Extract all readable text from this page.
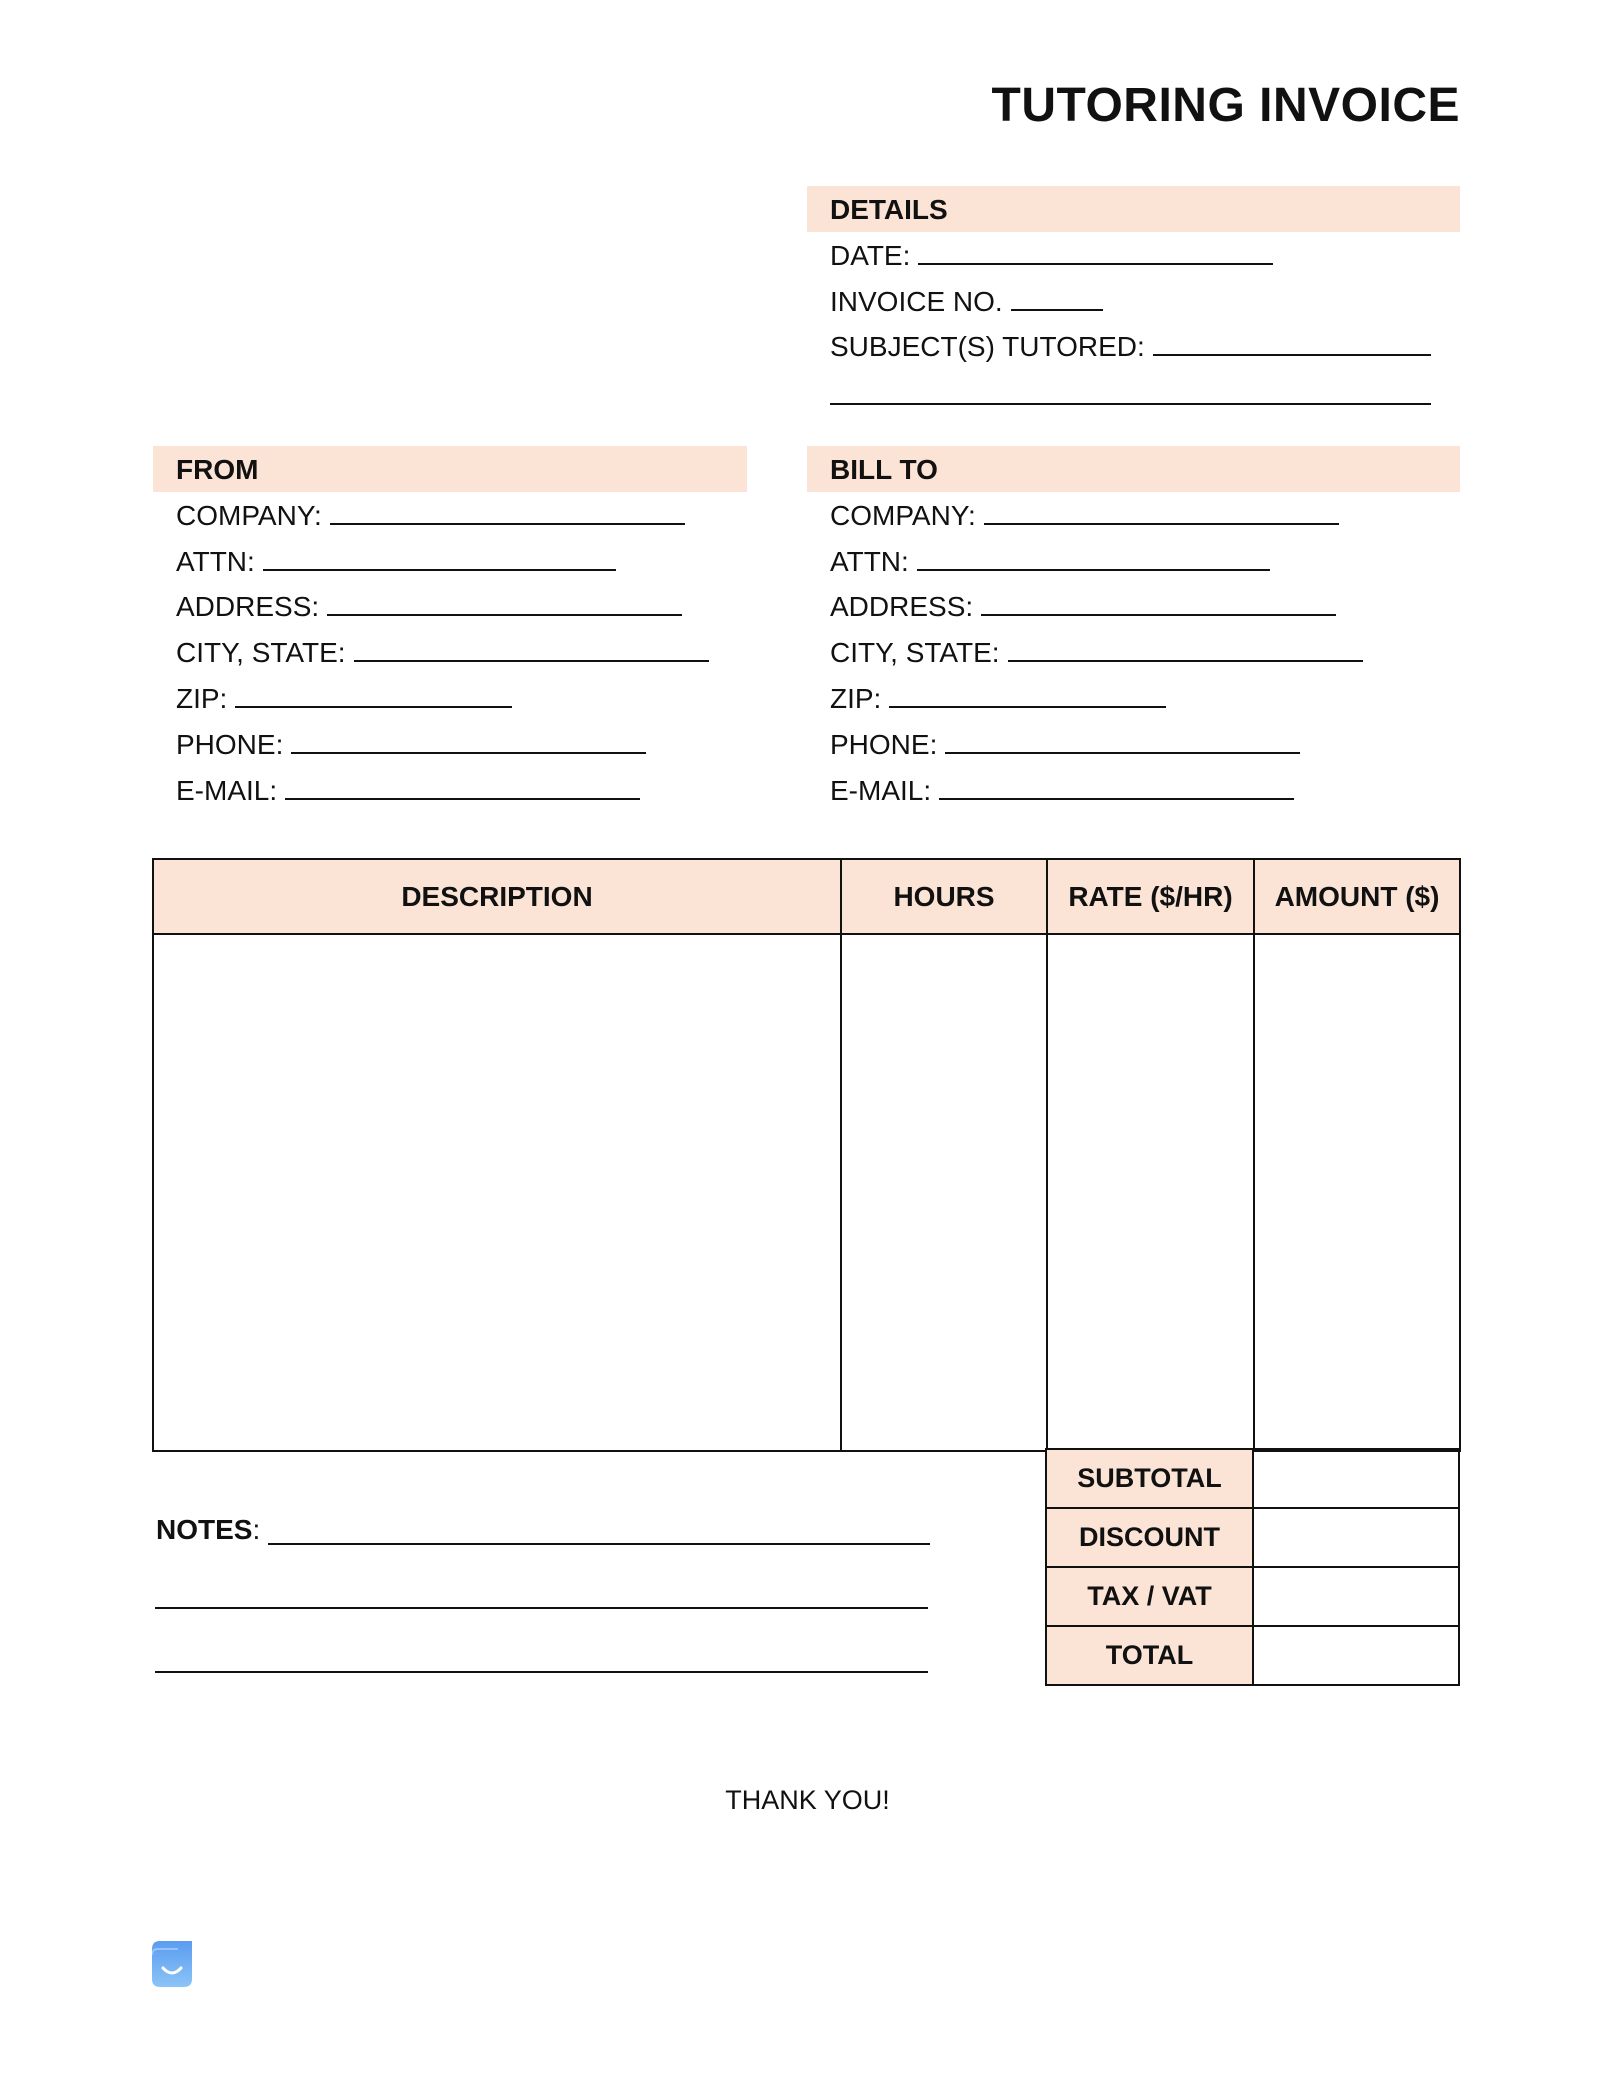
TUTORING INVOICE
DETAILS
DATE:
INVOICE NO.
SUBJECT(S) TUTORED:
FROM
COMPANY:
ATTN:
ADDRESS:
CITY, STATE:
ZIP:
PHONE:
E-MAIL:
BILL TO
COMPANY:
ATTN:
ADDRESS:
CITY, STATE:
ZIP:
PHONE:
E-MAIL:
DESCRIPTION	HOURS	RATE ($/HR)	AMOUNT ($)

SUBTOTAL	
DISCOUNT	
TAX / VAT	
TOTAL	
NOTES:
THANK YOU!
